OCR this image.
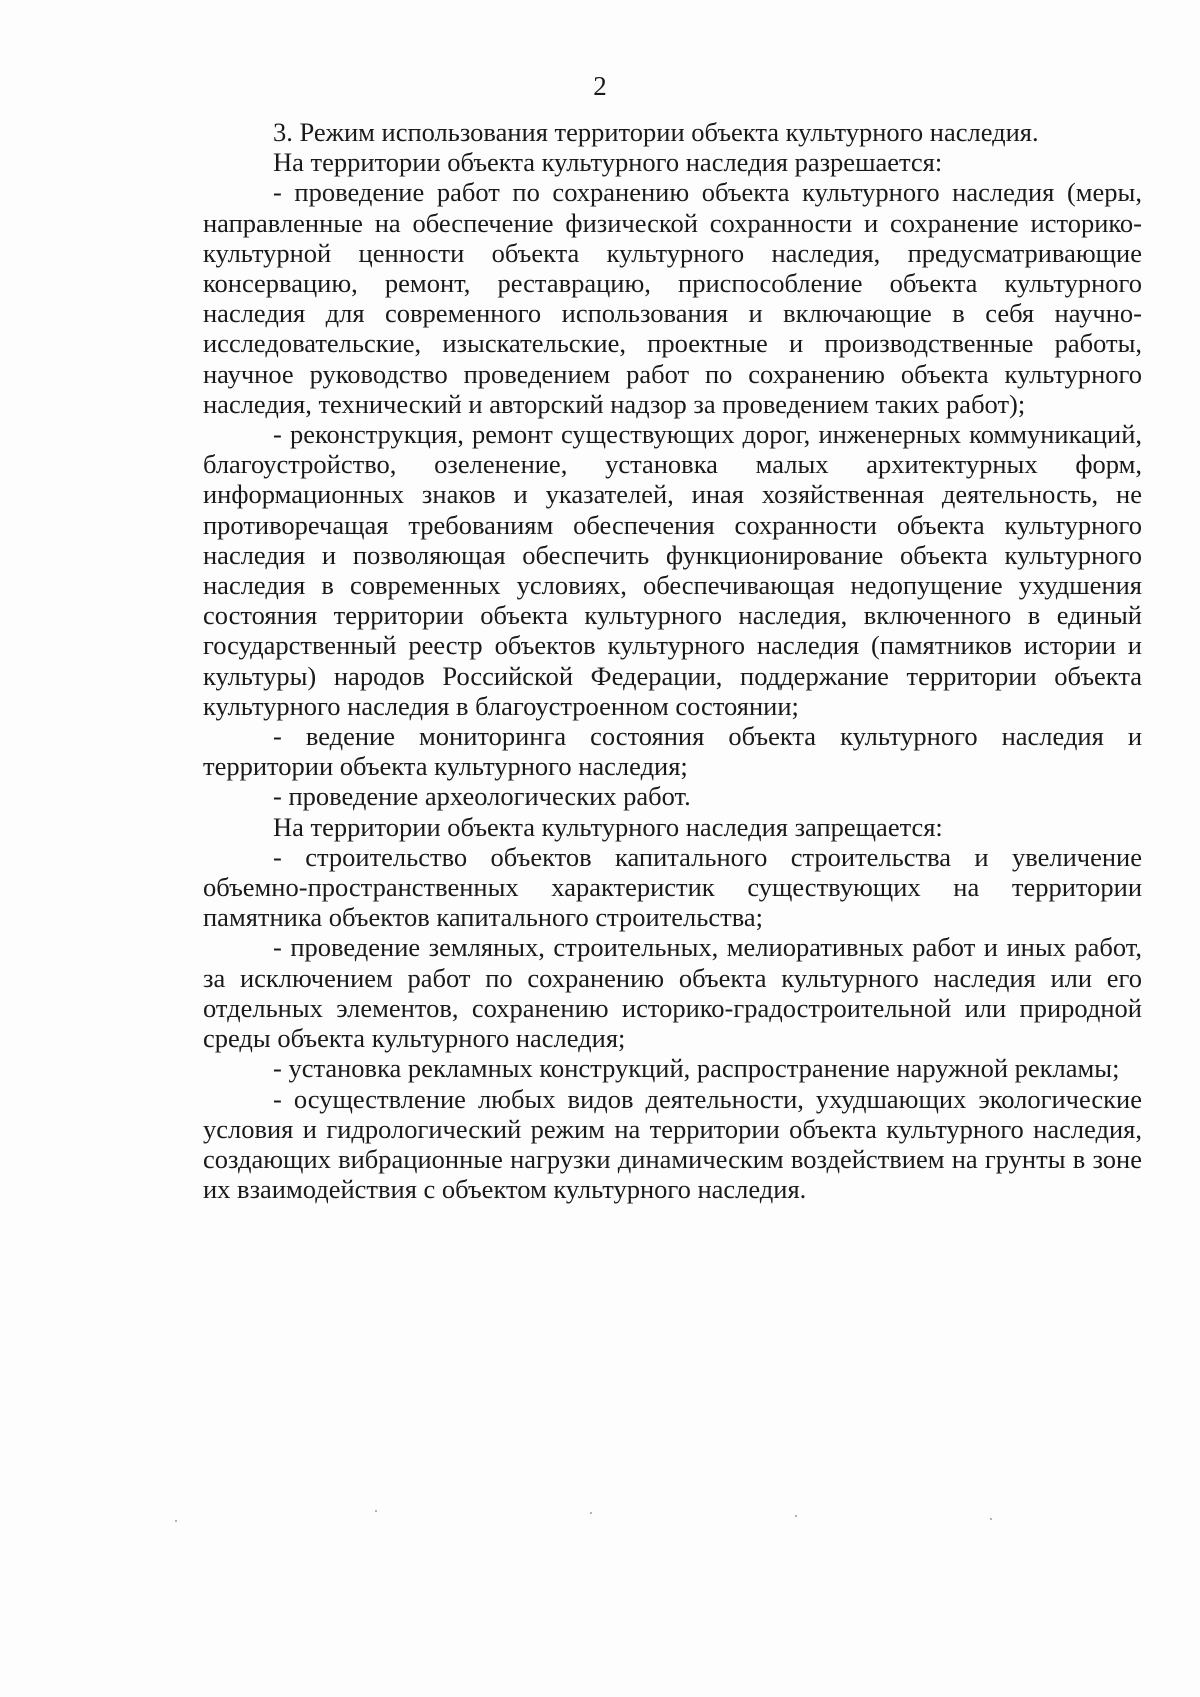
2

3. Режим использования территории объекта культурного наследия.

На территории объекта культурного наследия разрешается:

- проведение работ по сохранению объекта культурного наследия (меры, направленные на обеспечение физической сохранности и сохранение историко-культурной ценности объекта культурного наследия, предусматривающие консервацию, ремонт, реставрацию, приспособление объекта культурного наследия для современного использования и включающие в себя научно-исследовательские, изыскательские, проектные и производственные работы, научное руководство проведением работ по сохранению объекта культурного наследия, технический и авторский надзор за проведением таких работ);

- реконструкция, ремонт существующих дорог, инженерных коммуникаций, благоустройство, озеленение, установка малых архитектурных форм, информационных знаков и указателей, иная хозяйственная деятельность, не противоречащая требованиям обеспечения сохранности объекта культурного наследия и позволяющая обеспечить функционирование объекта культурного наследия в современных условиях, обеспечивающая недопущение ухудшения состояния территории объекта культурного наследия, включенного в единый государственный реестр объектов культурного наследия (памятников истории и культуры) народов Российской Федерации, поддержание территории объекта культурного наследия в благоустроенном состоянии;

- ведение мониторинга состояния объекта культурного наследия и территории объекта культурного наследия;

- проведение археологических работ.

На территории объекта культурного наследия запрещается:

- строительство объектов капитального строительства и увеличение объемно-пространственных характеристик существующих на территории памятника объектов капитального строительства;

- проведение земляных, строительных, мелиоративных работ и иных работ, за исключением работ по сохранению объекта культурного наследия или его отдельных элементов, сохранению историко-градостроительной или природной среды объекта культурного наследия;

- установка рекламных конструкций, распространение наружной рекламы;

- осуществление любых видов деятельности, ухудшающих экологические условия и гидрологический режим на территории объекта культурного наследия, создающих вибрационные нагрузки динамическим воздействием на грунты в зоне их взаимодействия с объектом культурного наследия.
